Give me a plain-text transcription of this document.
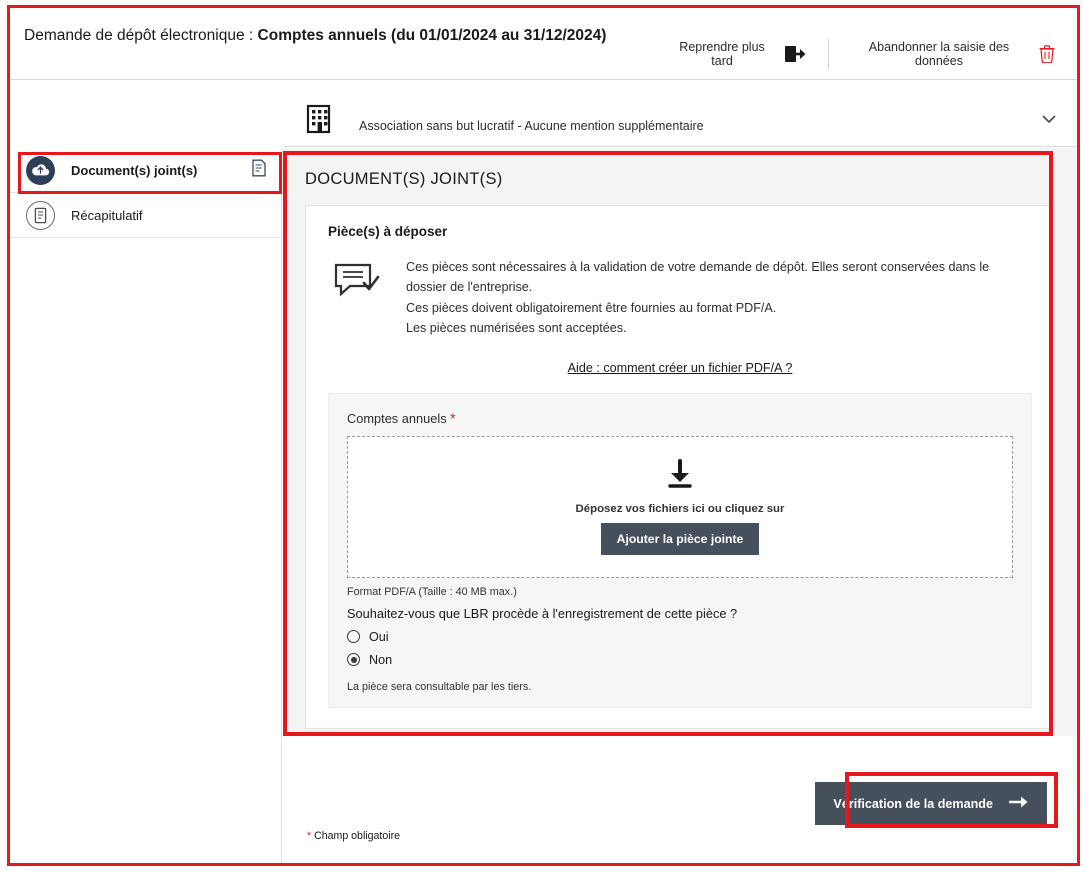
Demande de dépôt électronique : Comptes annuels (du 01/01/2024 au 31/12/2024)
Reprendre plus tard
Abandonner la saisie des données
Association sans but lucratif - Aucune mention supplémentaire
Document(s) joint(s)
Récapitulatif
DOCUMENT(S) JOINT(S)
Pièce(s) à déposer
Ces pièces sont nécessaires à la validation de votre demande de dépôt. Elles seront conservées dans le dossier de l'entreprise.
Ces pièces doivent obligatoirement être fournies au format PDF/A.
Les pièces numérisées sont acceptées.
Aide : comment créer un fichier PDF/A ?
Comptes annuels *
Déposez vos fichiers ici ou cliquez sur
Ajouter la pièce jointe
Format PDF/A (Taille : 40 MB max.)
Souhaitez-vous que LBR procède à l'enregistrement de cette pièce ?
Oui
Non
La pièce sera consultable par les tiers.
Vérification de la demande
* Champ obligatoire
